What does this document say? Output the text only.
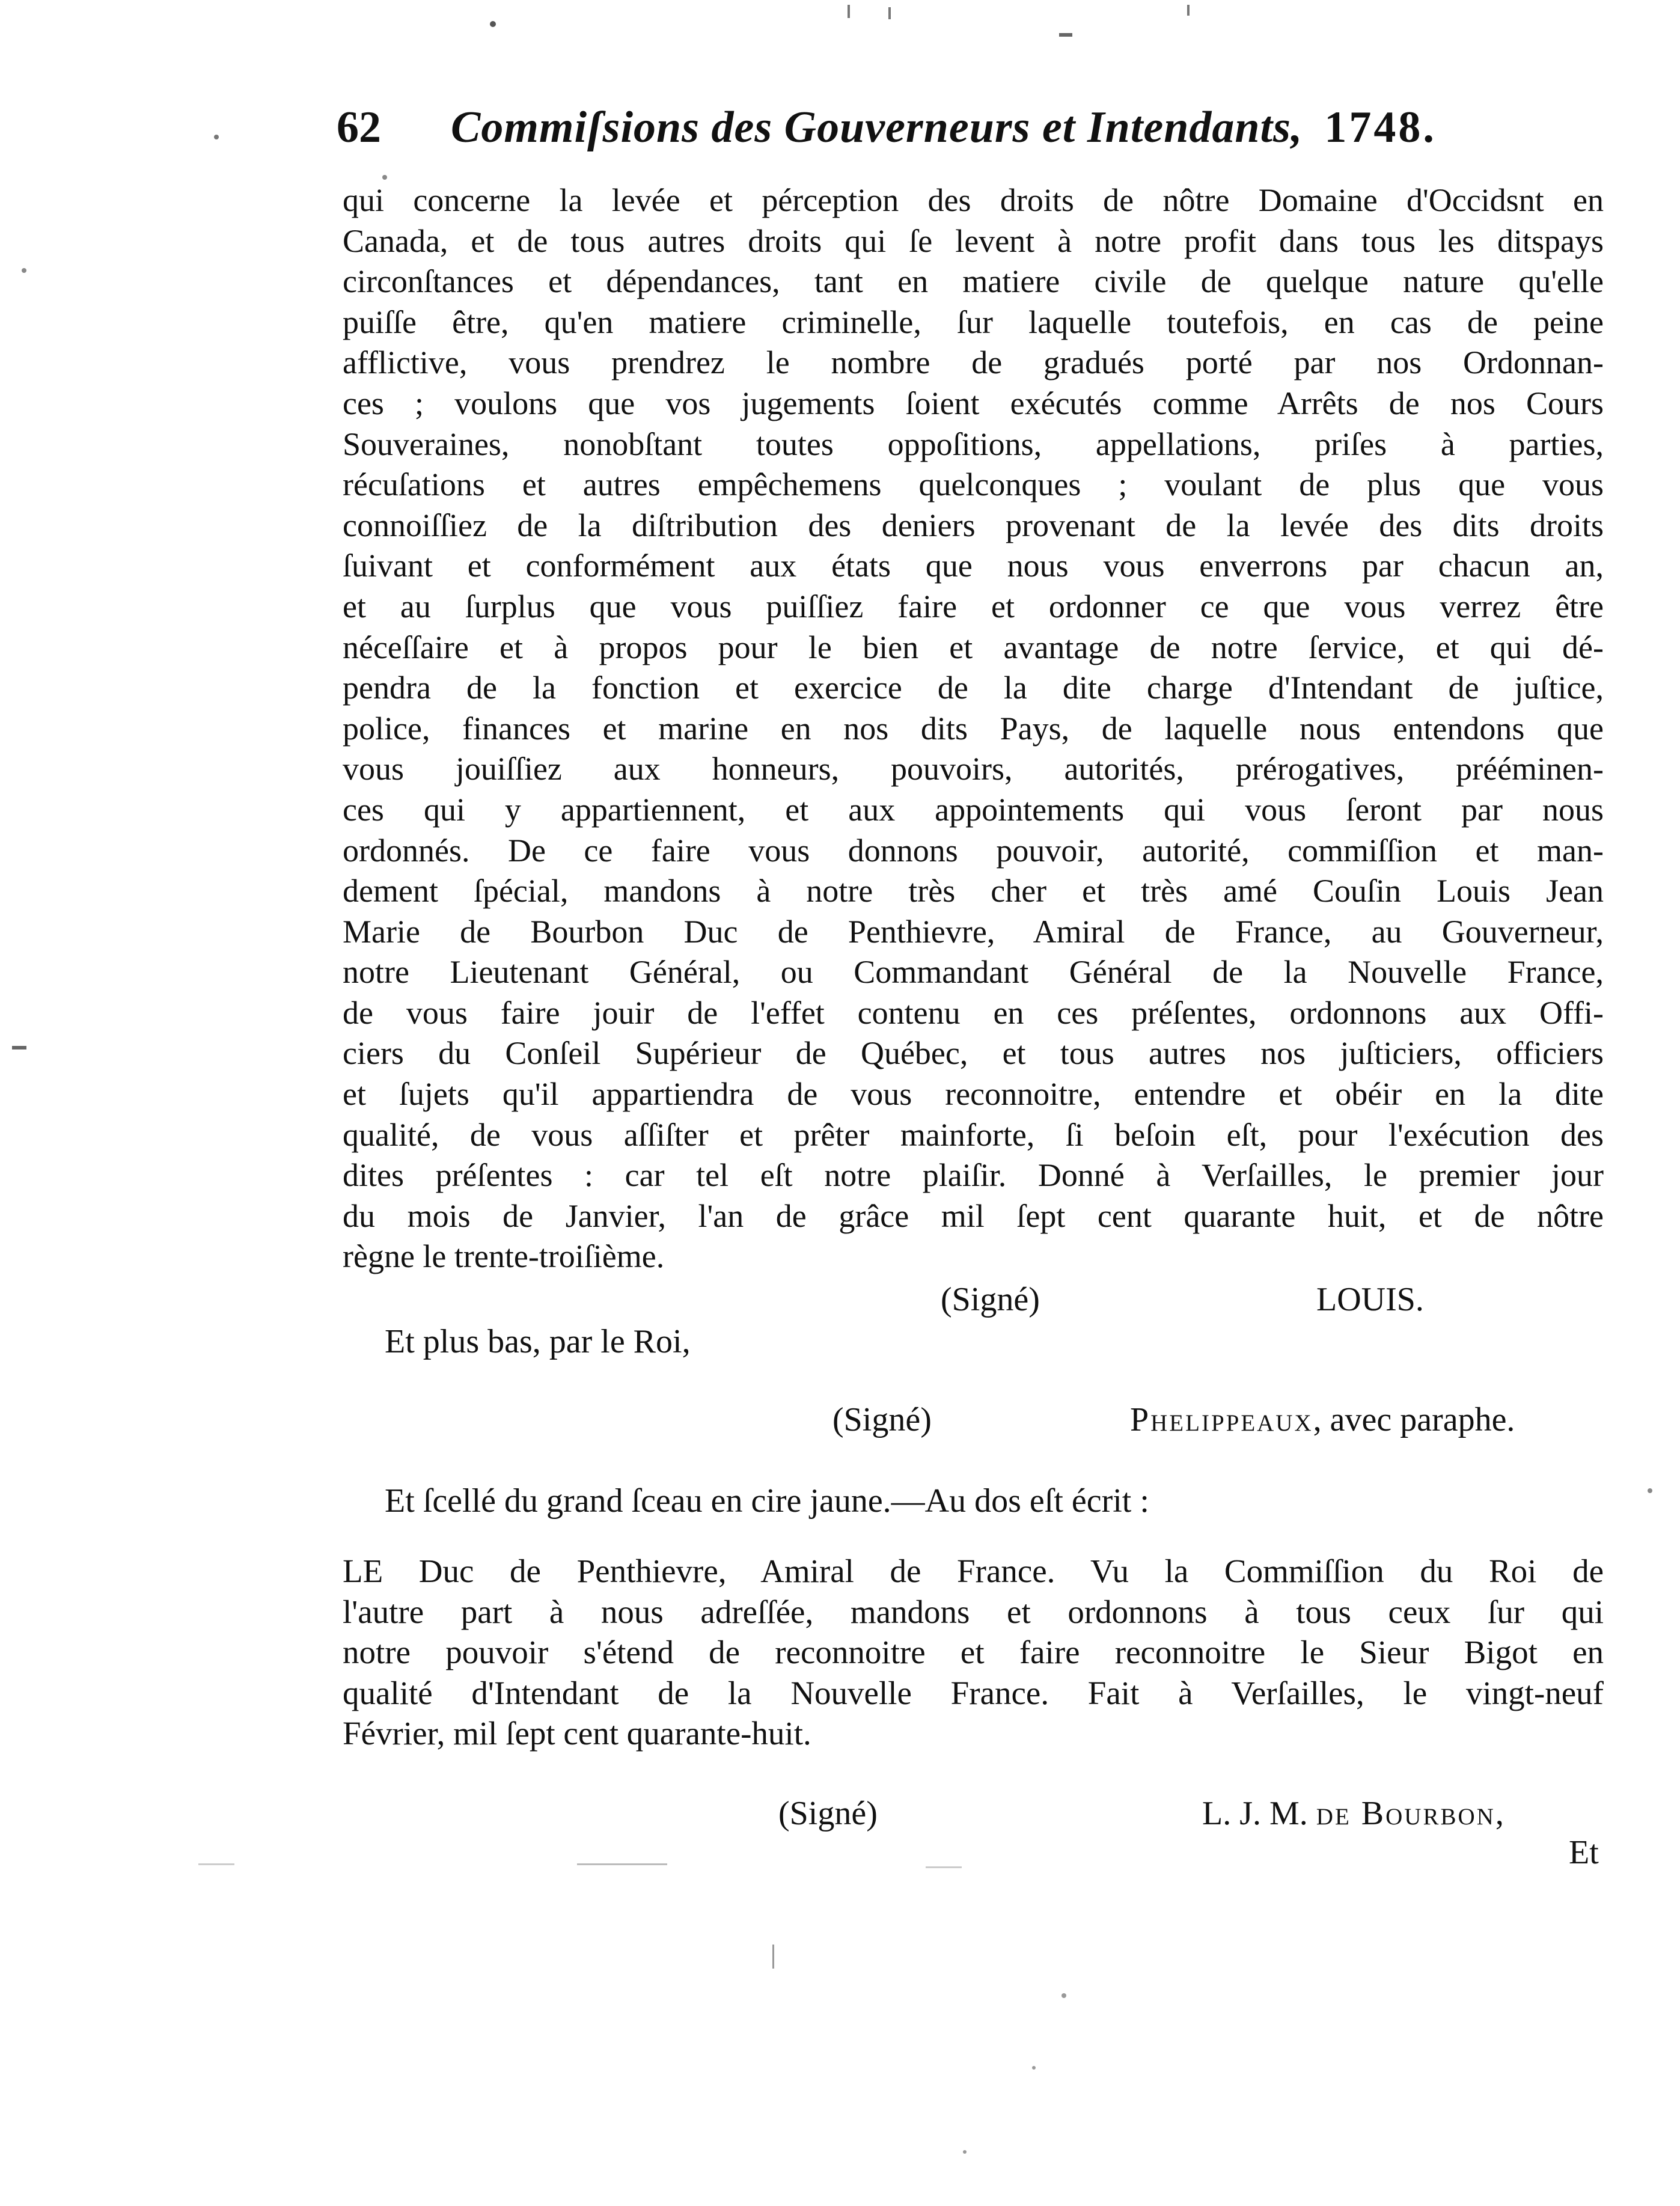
62	Commiſsions des Gouverneurs et Intendants, 1748.
qui concerne la levée et pérception des droits de nôtre Domaine d'Occidsnt en
Canada, et de tous autres droits qui ſe levent à notre profit dans tous les ditspays
circonſtances et dépendances, tant en matiere civile de quelque nature qu'elle
puiſſe être, qu'en matiere criminelle, ſur laquelle toutefois, en cas de peine
afflictive, vous prendrez le nombre de gradués porté par nos Ordonnan-
ces ; voulons que vos jugements ſoient exécutés comme Arrêts de nos Cours
Souveraines, nonobſtant toutes oppoſitions, appellations, priſes à parties,
récuſations et autres empêchemens quelconques ; voulant de plus que vous
connoiſſiez de la diſtribution des deniers provenant de la levée des dits droits
ſuivant et conformément aux états que nous vous enverrons par chacun an,
et au ſurplus que vous puiſſiez faire et ordonner ce que vous verrez être
néceſſaire et à propos pour le bien et avantage de notre ſervice, et qui dé-
pendra de la fonction et exercice de la dite charge d'Intendant de juſtice,
police, finances et marine en nos dits Pays, de laquelle nous entendons que
vous jouiſſiez aux honneurs, pouvoirs, autorités, prérogatives, prééminen-
ces qui y appartiennent, et aux appointements qui vous ſeront par nous
ordonnés. De ce faire vous donnons pouvoir, autorité, commiſſion et man-
dement ſpécial, mandons à notre très cher et très amé Couſin Louis Jean
Marie de Bourbon Duc de Penthievre, Amiral de France, au Gouverneur,
notre Lieutenant Général, ou Commandant Général de la Nouvelle France,
de vous faire jouir de l'effet contenu en ces préſentes, ordonnons aux Offi-
ciers du Conſeil Supérieur de Québec, et tous autres nos juſticiers, officiers
et ſujets qu'il appartiendra de vous reconnoitre, entendre et obéir en la dite
qualité, de vous aſſiſter et prêter mainforte, ſi beſoin eſt, pour l'exécution des
dites préſentes : car tel eſt notre plaiſir. Donné à Verſailles, le premier jour
du mois de Janvier, l'an de grâce mil ſept cent quarante huit, et de nôtre
règne le trente-troiſième.
(Signé)	LOUIS.
Et plus bas, par le Roi,
(Signé)	Phelippeaux, avec paraphe.
Et ſcellé du grand ſceau en cire jaune.—Au dos eſt écrit :
LE Duc de Penthievre, Amiral de France. Vu la Commiſſion du Roi de
l'autre part à nous adreſſée, mandons et ordonnons à tous ceux ſur qui
notre pouvoir s'étend de reconnoitre et faire reconnoitre le Sieur Bigot en
qualité d'Intendant de la Nouvelle France. Fait à Verſailles, le vingt-neuf
Février, mil ſept cent quarante-huit.
(Signé)	L. J. M. de Bourbon,
Et
